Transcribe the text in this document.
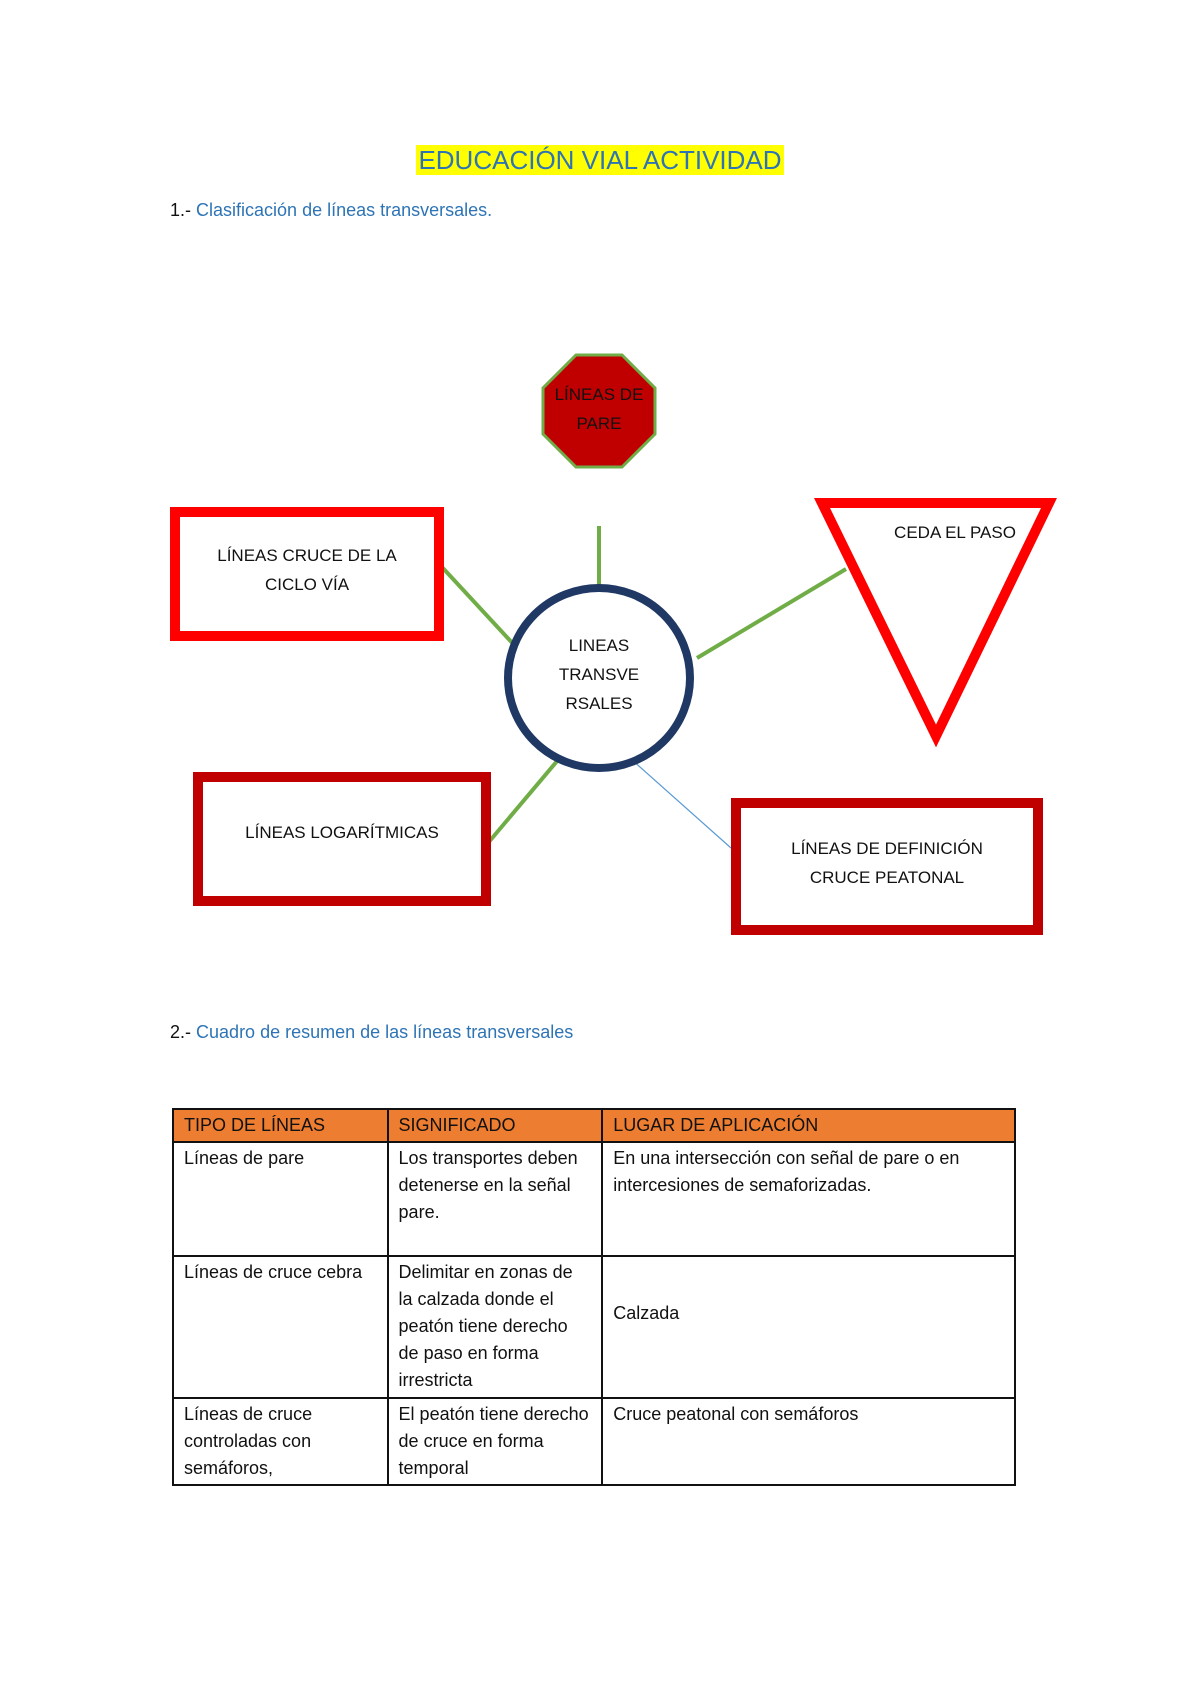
EDUCACIÓN VIAL ACTIVIDAD
1.- Clasificación de líneas transversales.
LÍNEAS DE
PARE
CEDA EL PASO
LÍNEAS CRUCE DE LA
CICLO VÍA
LINEAS
TRANSVE
RSALES
LÍNEAS LOGARÍTMICAS
LÍNEAS DE DEFINICIÓN
CRUCE PEATONAL
2.- Cuadro de resumen de las líneas transversales
TIPO DE LÍNEAS	SIGNIFICADO	LUGAR DE APLICACIÓN
Líneas de pare	Los transportes deben detenerse en la señal pare.	En una intersección con señal de pare o en intercesiones de semaforizadas.
Líneas de cruce cebra	Delimitar en zonas de la calzada donde el peatón tiene derecho de paso en forma irrestricta	Calzada
Líneas de cruce controladas con semáforos,	El peatón tiene derecho de cruce en forma temporal	Cruce peatonal con semáforos
